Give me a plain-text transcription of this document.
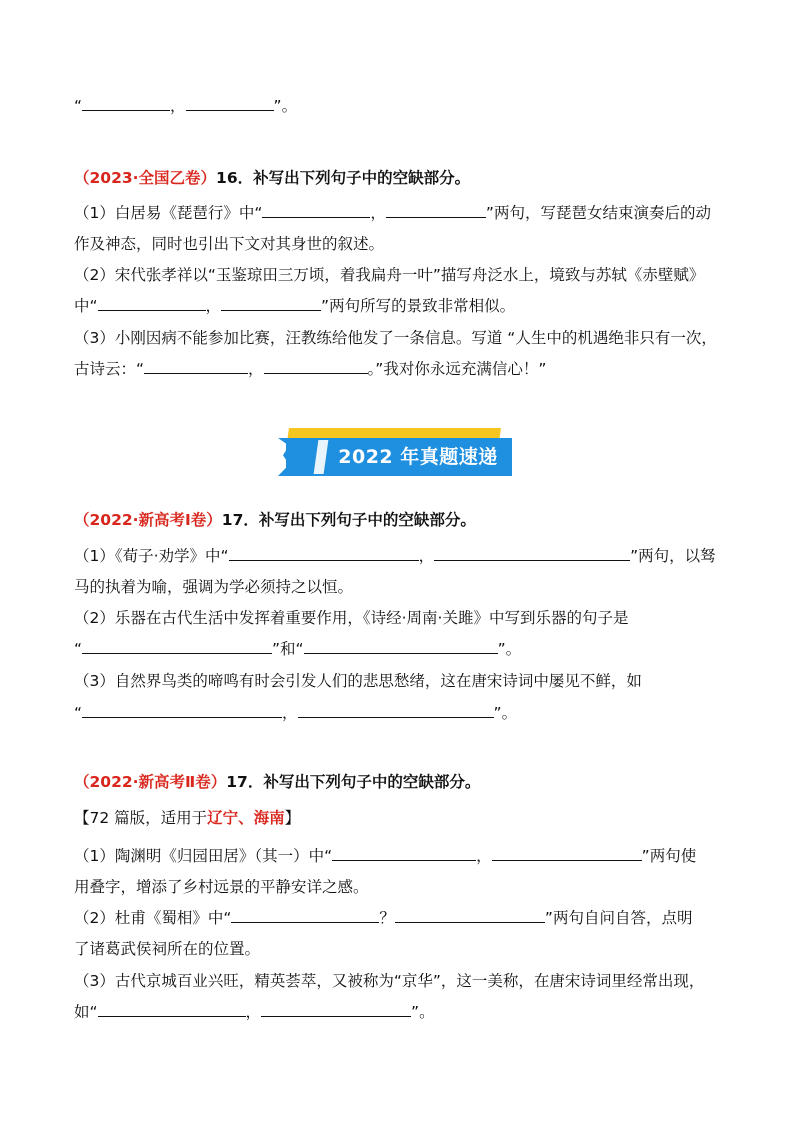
“	，	”。
（2023·全国乙卷）16．补写出下列句子中的空缺部分。
（1）白居易《琵琶行》中“	，	”两句，写琵琶女结束演奏后的动
作及神态，同时也引出下文对其身世的叙述。
（2）宋代张孝祥以“玉鉴琼田三万顷，着我扁舟一叶”描写舟泛水上，境致与苏轼《赤壁赋》
中“	，	”两句所写的景致非常相似。
（3）小刚因病不能参加比赛，汪教练给他发了一条信息。写道 “人生中的机遇绝非只有一次，
古诗云：“	，	。”我对你永远充满信心！”
2022 年真题速递
（2022·新高考Ⅰ卷）17．补写出下列句子中的空缺部分。
（1）《荀子·劝学》中“	，	”两句，以驽
马的执着为喻，强调为学必须持之以恒。
（2）乐器在古代生活中发挥着重要作用，《诗经·周南·关雎》中写到乐器的句子是
“	”和“	”。
（3）自然界鸟类的啼鸣有时会引发人们的悲思愁绪，这在唐宋诗词中屡见不鲜，如
“	，	”。
（2022·新高考Ⅱ卷）17．补写出下列句子中的空缺部分。
【72 篇版，适用于辽宁、海南】
（1）陶渊明《归园田居》（其一）中“	，	”两句使
用叠字，增添了乡村远景的平静安详之感。
（2）杜甫《蜀相》中“	？	”两句自问自答，点明
了诸葛武侯祠所在的位置。
（3）古代京城百业兴旺，精英荟萃，又被称为“京华”，这一美称，在唐宋诗词里经常出现，
如“	，	”。
